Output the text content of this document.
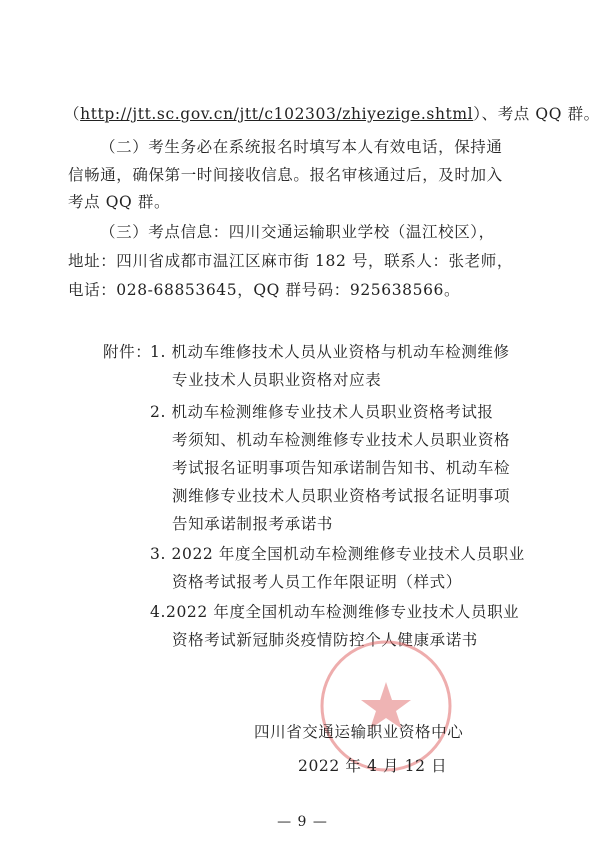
（http://jtt.sc.gov.cn/jtt/c102303/zhiyezige.shtml）、考点 QQ 群。
（二）考生务必在系统报名时填写本人有效电话，保持通
信畅通，确保第一时间接收信息。报名审核通过后，及时加入
考点 QQ 群。
（三）考点信息：四川交通运输职业学校（温江校区），
地址：四川省成都市温江区麻市街 182 号，联系人：张老师，
电话：028-68853645，QQ 群号码：925638566。
附件：
1. 机动车维修技术人员从业资格与机动车检测维修
专业技术人员职业资格对应表
2. 机动车检测维修专业技术人员职业资格考试报
考须知、机动车检测维修专业技术人员职业资格
考试报名证明事项告知承诺制告知书、机动车检
测维修专业技术人员职业资格考试报名证明事项
告知承诺制报考承诺书
3. 2022 年度全国机动车检测维修专业技术人员职业
资格考试报考人员工作年限证明（样式）
4.2022 年度全国机动车检测维修专业技术人员职业
资格考试新冠肺炎疫情防控个人健康承诺书
四川省交通运输职业资格中心
2022 年 4 月 12 日
— 9 —
